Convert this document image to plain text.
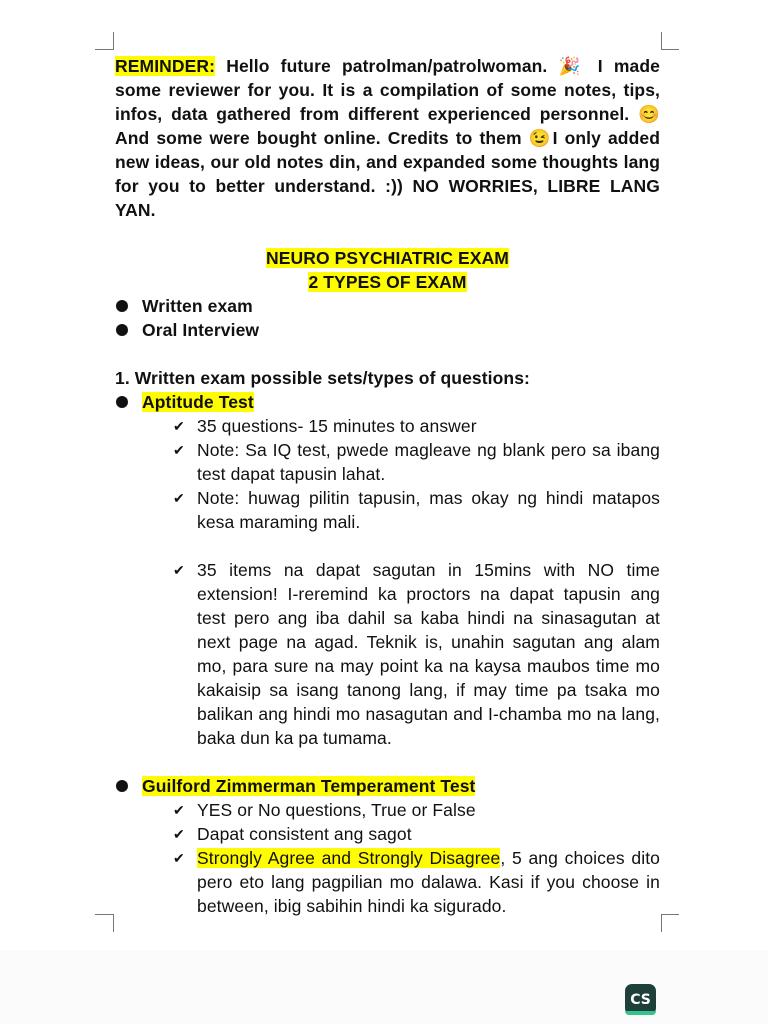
REMINDER: Hello future patrolman/patrolwoman. 🎉 I made some reviewer for you. It is a compilation of some notes, tips, infos, data gathered from different experienced personnel. 😊And some were bought online. Credits to them 😉I only added new ideas, our old notes din, and expanded some thoughts lang for you to better understand. :)) NO WORRIES, LIBRE LANG YAN.

NEURO PSYCHIATRIC EXAM

2 TYPES OF EXAM

Written exam

Oral Interview

1. Written exam possible sets/types of questions:

Aptitude Test

✔ 35 questions- 15 minutes to answer

✔ Note: Sa IQ test, pwede magleave ng blank pero sa ibang test dapat tapusin lahat.

✔ Note: huwag pilitin tapusin, mas okay ng hindi matapos kesa maraming mali.

✔ 35 items na dapat sagutan in 15mins with NO time extension! I-reremind ka proctors na dapat tapusin ang test pero ang iba dahil sa kaba hindi na sinasagutan at next page na agad. Teknik is, unahin sagutan ang alam mo, para sure na may point ka na kaysa maubos time mo kakaisip sa isang tanong lang, if may time pa tsaka mo balikan ang hindi mo nasagutan and I-chamba mo na lang, baka dun ka pa tumama.

Guilford Zimmerman Temperament Test

✔ YES or No questions, True or False

✔ Dapat consistent ang sagot

✔ Strongly Agree and Strongly Disagree, 5 ang choices dito pero eto lang pagpilian mo dalawa. Kasi if you choose in between, ibig sabihin hindi ka sigurado.

CS
